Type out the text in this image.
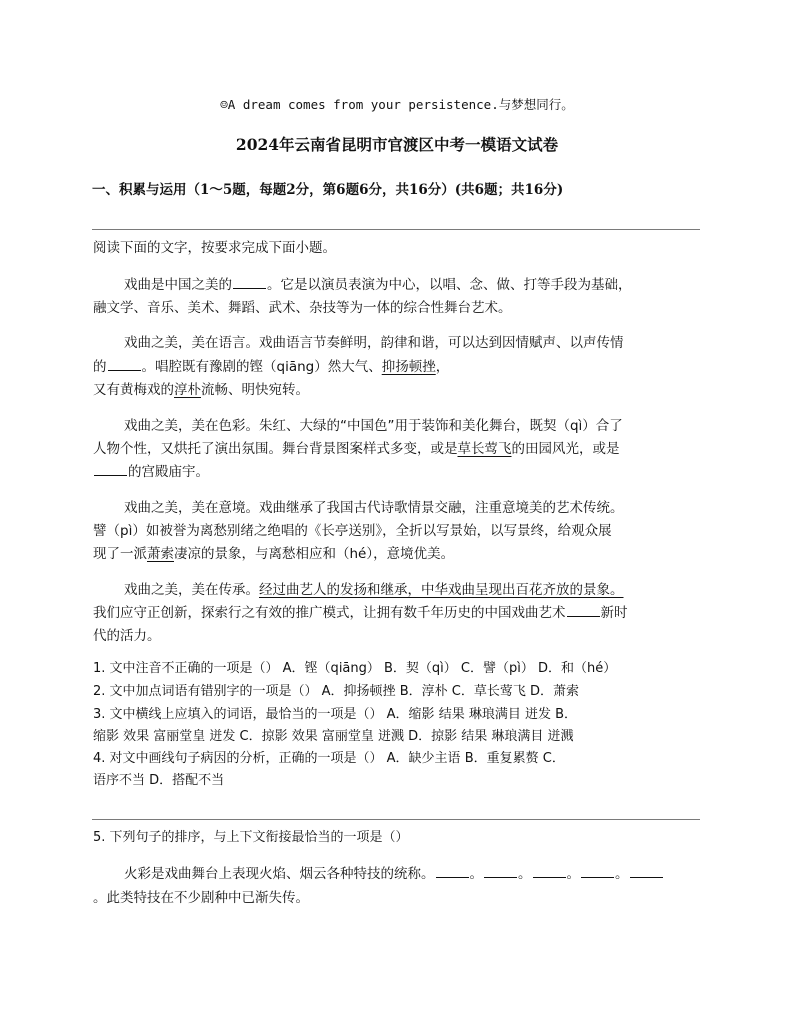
☺A dream comes from your persistence.与梦想同行。
2024年云南省昆明市官渡区中考一模语文试卷
一、积累与运用（1～5题，每题2分，第6题6分，共16分）(共6题；共16分)
阅读下面的文字，按要求完成下面小题。
戏曲是中国之美的	。它是以演员表演为中心，以唱、念、做、打等手段为基础，
融文学、音乐、美术、舞蹈、武术、杂技等为一体的综合性舞台艺术。
戏曲之美，美在语言。戏曲语言节奏鲜明，韵律和谐，可以达到因情赋声、以声传情
的	。唱腔既有豫剧的铿（qiāng）然大气、抑扬顿挫，
又有黄梅戏的淳朴流畅、明快宛转。
戏曲之美，美在色彩。朱红、大绿的“中国色”用于装饰和美化舞台，既契（qì）合了
人物个性，又烘托了演出氛围。舞台背景图案样式多变，或是草长莺飞的田园风光，或是
的宫殿庙宇。
戏曲之美，美在意境。戏曲继承了我国古代诗歌情景交融，注重意境美的艺术传统。
譬（pì）如被誉为离愁别绪之绝唱的《长亭送别》，全折以写景始，以写景终，给观众展
现了一派萧索凄凉的景象，与离愁相应和（hé），意境优美。
戏曲之美，美在传承。经过曲艺人的发扬和继承，中华戏曲呈现出百花齐放的景象。
我们应守正创新，探索行之有效的推广模式，让拥有数千年历史的中国戏曲艺术	新时
代的活力。
1. 文中注音不正确的一项是（） A．铿（qiāng） B．契（qì） C．譬（pì） D．和（hé）
2. 文中加点词语有错别字的一项是（） A．抑扬顿挫 B．淳朴 C．草长莺飞 D．萧索
3. 文中横线上应填入的词语，最恰当的一项是（） A．缩影 结果 琳琅满目 迸发 B．
缩影 效果 富丽堂皇 迸发 C．掠影 效果 富丽堂皇 迸溅 D．掠影 结果 琳琅满目 迸溅
4. 对文中画线句子病因的分析，正确的一项是（） A．缺少主语 B．重复累赘 C．
语序不当 D．搭配不当
5. 下列句子的排序，与上下文衔接最恰当的一项是（）
火彩是戏曲舞台上表现火焰、烟云各种特技的统称。	。	。	。	。
。此类特技在不少剧种中已渐失传。
